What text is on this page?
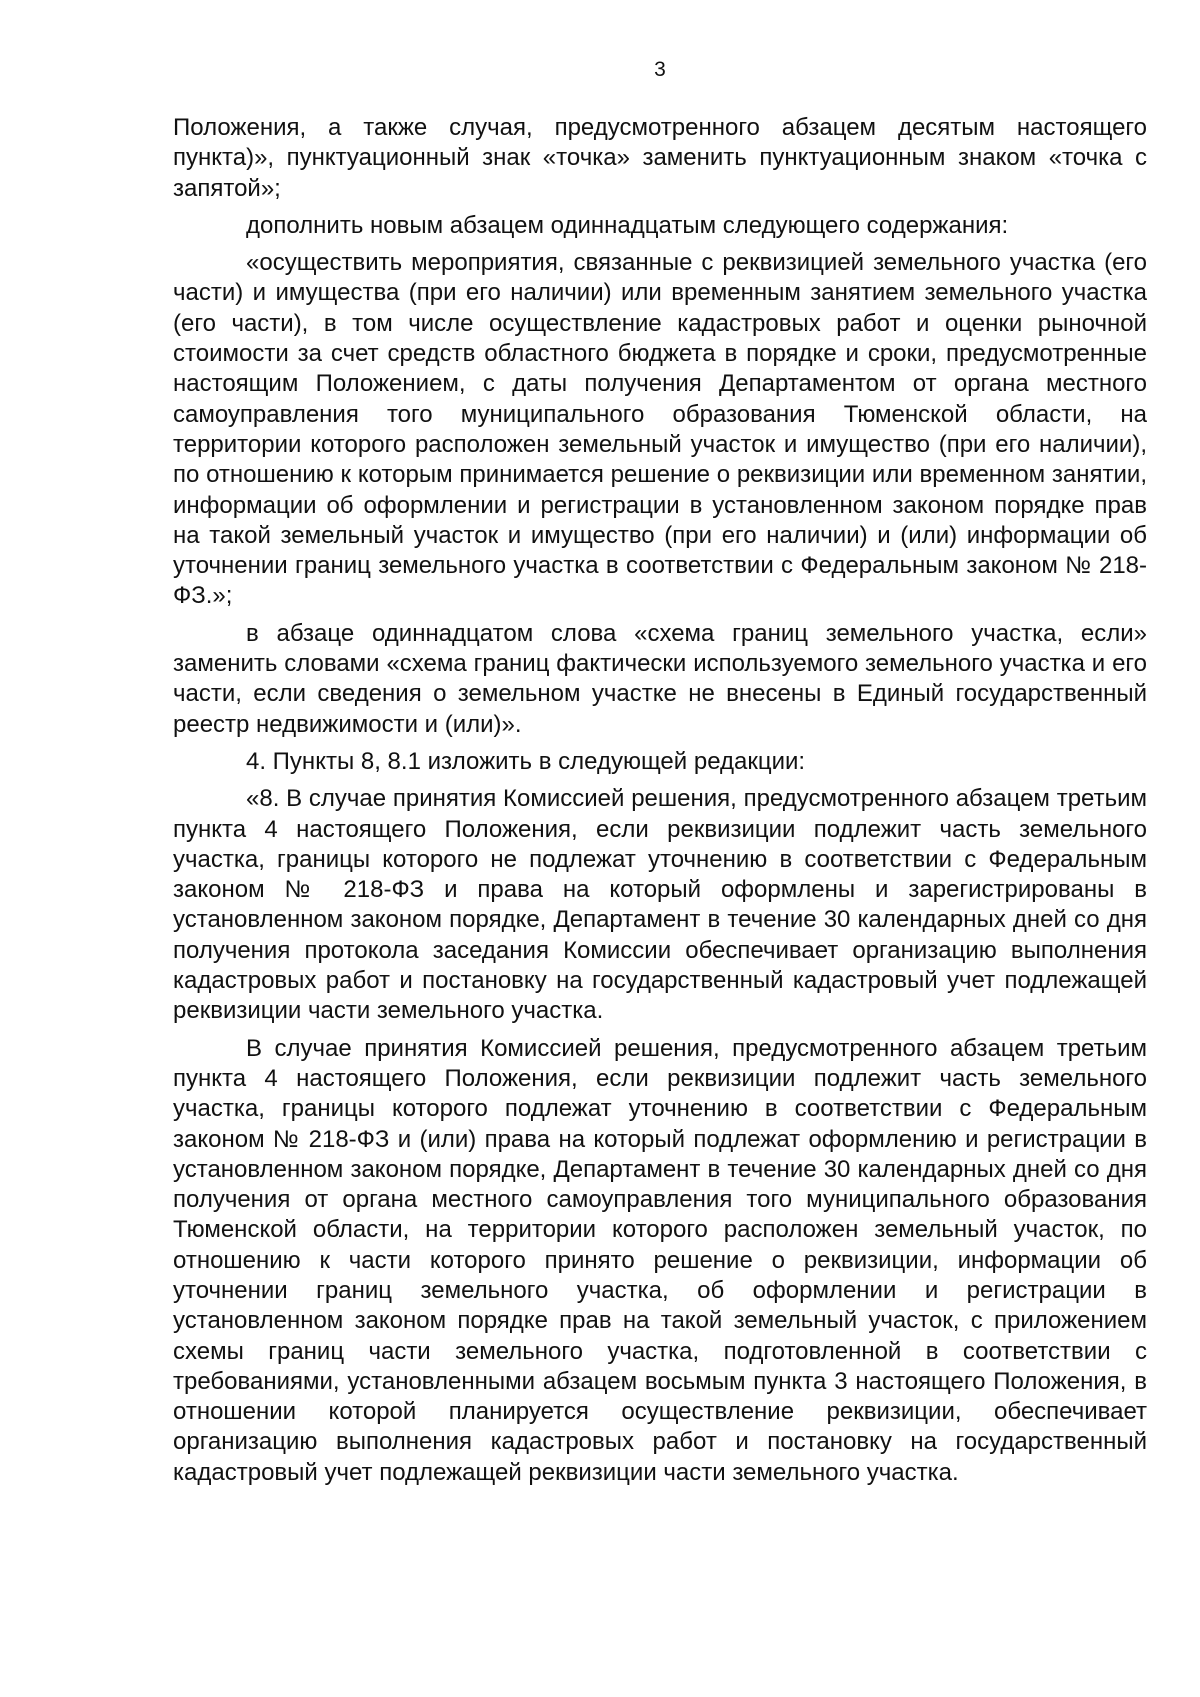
3

Положения, а также случая, предусмотренного абзацем десятым настоящего пункта)», пунктуационный знак «точка» заменить пунктуационным знаком «точка с запятой»;

дополнить новым абзацем одиннадцатым следующего содержания:

«осуществить мероприятия, связанные с реквизицией земельного участка (его части) и имущества (при его наличии) или временным занятием земельного участка (его части), в том числе осуществление кадастровых работ и оценки рыночной стоимости за счет средств областного бюджета в порядке и сроки, предусмотренные настоящим Положением, с даты получения Департаментом от органа местного самоуправления того муниципального образования Тюменской области, на территории которого расположен земельный участок и имущество (при его наличии), по отношению к которым принимается решение о реквизиции или временном занятии, информации об оформлении и регистрации в установленном законом порядке прав на такой земельный участок и имущество (при его наличии) и (или) информации об уточнении границ земельного участка в соответствии с Федеральным законом № 218-ФЗ.»;

в абзаце одиннадцатом слова «схема границ земельного участка, если» заменить словами «схема границ фактически используемого земельного участка и его части, если сведения о земельном участке не внесены в Единый государственный реестр недвижимости и (или)».

4. Пункты 8, 8.1 изложить в следующей редакции:

«8. В случае принятия Комиссией решения, предусмотренного абзацем третьим пункта 4 настоящего Положения, если реквизиции подлежит часть земельного участка, границы которого не подлежат уточнению в соответствии с Федеральным законом № 218-ФЗ и права на который оформлены и зарегистрированы в установленном законом порядке, Департамент в течение 30 календарных дней со дня получения протокола заседания Комиссии обеспечивает организацию выполнения кадастровых работ и постановку на государственный кадастровый учет подлежащей реквизиции части земельного участка.

В случае принятия Комиссией решения, предусмотренного абзацем третьим пункта 4 настоящего Положения, если реквизиции подлежит часть земельного участка, границы которого подлежат уточнению в соответствии с Федеральным законом № 218-ФЗ и (или) права на который подлежат оформлению и регистрации в установленном законом порядке, Департамент в течение 30 календарных дней со дня получения от органа местного самоуправления того муниципального образования Тюменской области, на территории которого расположен земельный участок, по отношению к части которого принято решение о реквизиции, информации об уточнении границ земельного участка, об оформлении и регистрации в установленном законом порядке прав на такой земельный участок, с приложением схемы границ части земельного участка, подготовленной в соответствии с требованиями, установленными абзацем восьмым пункта 3 настоящего Положения, в отношении которой планируется осуществление реквизиции, обеспечивает организацию выполнения кадастровых работ и постановку на государственный кадастровый учет подлежащей реквизиции части земельного участка.
